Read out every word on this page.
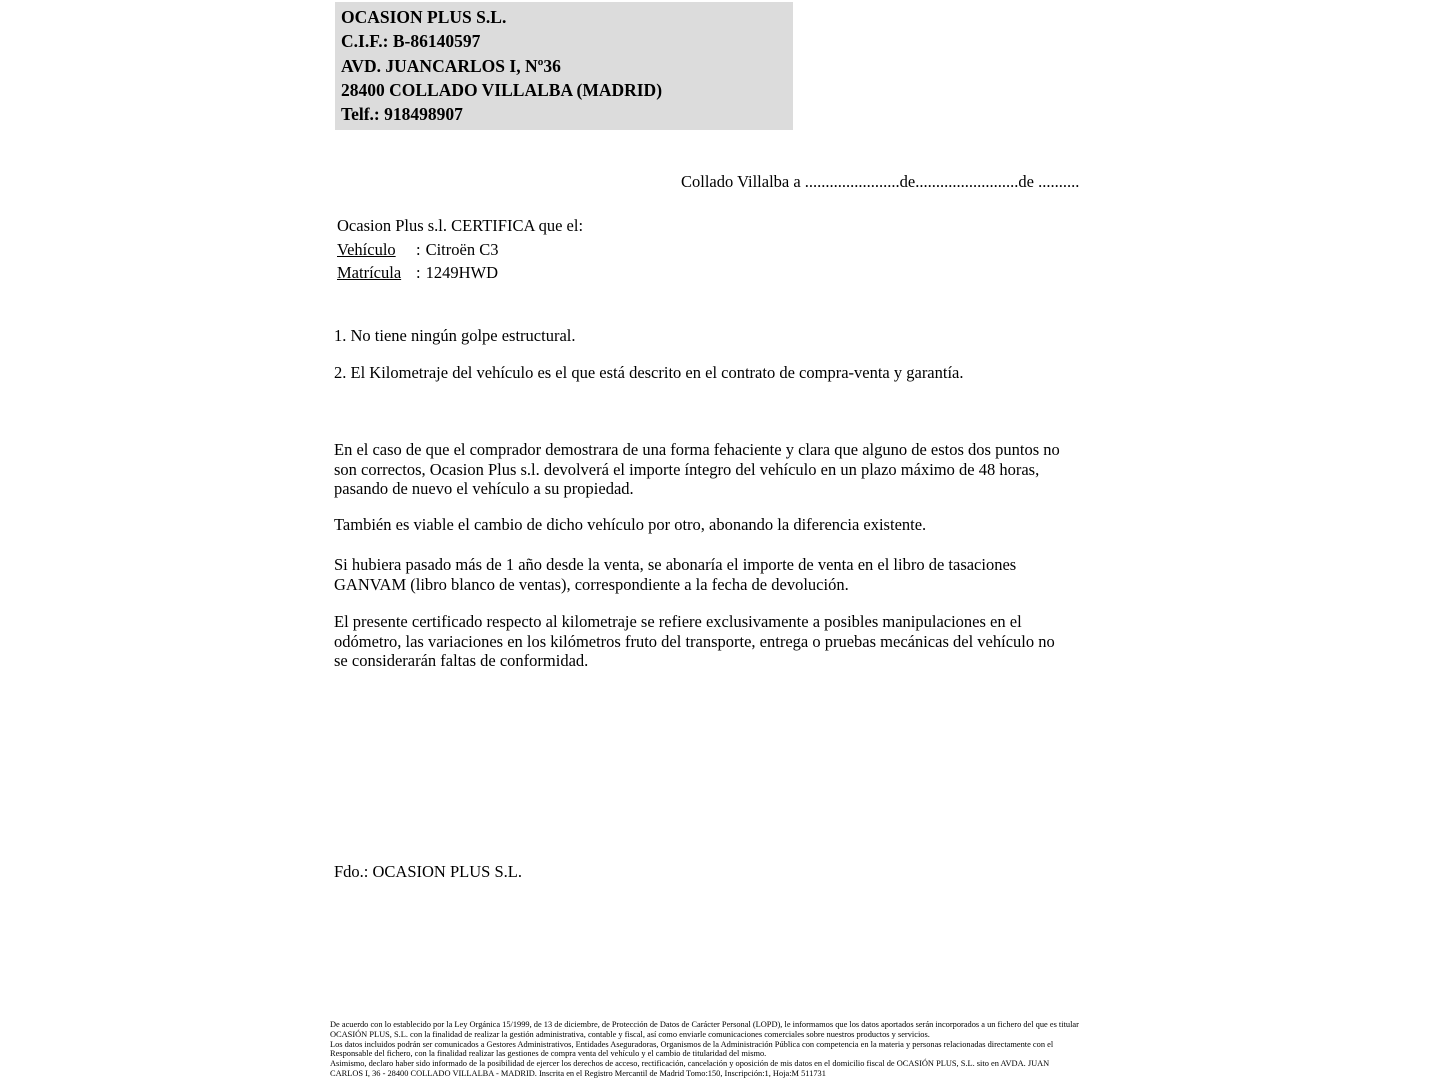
OCASION PLUS S.L.
C.I.F.: B-86140597
AVD. JUANCARLOS I, Nº36
28400 COLLADO VILLALBA (MADRID)
Telf.: 918498907
Collado Villalba a .......................de.........................de ..........
Ocasion Plus s.l. CERTIFICA que el:
Vehículo : Citroën C3
Matrícula : 1249HWD
1. No tiene ningún golpe estructural.
2. El Kilometraje del vehículo es el que está descrito en el contrato de compra-venta y garantía.
En el caso de que el comprador demostrara de una forma fehaciente y clara que alguno de estos dos puntos no
son correctos, Ocasion Plus s.l. devolverá el importe íntegro del vehículo en un plazo máximo de 48 horas,
pasando de nuevo el vehículo a su propiedad.
También es viable el cambio de dicho vehículo por otro, abonando la diferencia existente.
Si hubiera pasado más de 1 año desde la venta, se abonaría el importe de venta en el libro de tasaciones
GANVAM (libro blanco de ventas), correspondiente a la fecha de devolución.
El presente certificado respecto al kilometraje se refiere exclusivamente a posibles manipulaciones en el
odómetro, las variaciones en los kilómetros fruto del transporte, entrega o pruebas mecánicas del vehículo no
se considerarán faltas de conformidad.
Fdo.: OCASION PLUS S.L.
De acuerdo con lo establecido por la Ley Orgánica 15/1999, de 13 de diciembre, de Protección de Datos de Carácter Personal (LOPD), le informamos que los datos aportados serán incorporados a un fichero del que es titular
OCASIÓN PLUS, S.L. con la finalidad de realizar la gestión administrativa, contable y fiscal, así como enviarle comunicaciones comerciales sobre nuestros productos y servicios.
Los datos incluidos podrán ser comunicados a Gestores Administrativos, Entidades Aseguradoras, Organismos de la Administración Pública con competencia en la materia y personas relacionadas directamente con el
Responsable del fichero, con la finalidad realizar las gestiones de compra venta del vehículo y el cambio de titularidad del mismo.
Asimismo, declaro haber sido informado de la posibilidad de ejercer los derechos de acceso, rectificación, cancelación y oposición de mis datos en el domicilio fiscal de OCASIÓN PLUS, S.L. sito en AVDA. JUAN
CARLOS I, 36 - 28400 COLLADO VILLALBA - MADRID. Inscrita en el Registro Mercantil de Madrid Tomo:150, Inscripción:1, Hoja:M 511731
